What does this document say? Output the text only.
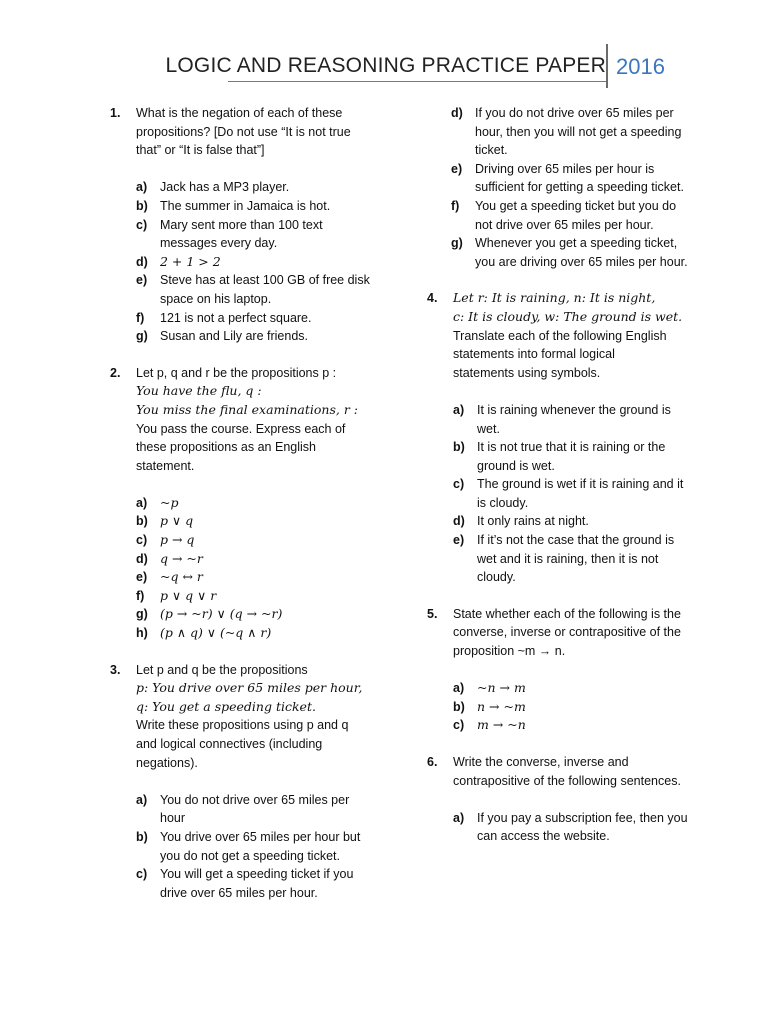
LOGIC AND REASONING PRACTICE PAPER 2016
1.	What is the negation of each of these propositions? [Do not use “It is not true that” or “It is false that”]
a)	Jack has a MP3 player.
b) The summer in Jamaica is hot.
c)	Mary sent more than 100 text messages every day.
d) 2 + 1 > 2
e)	Steve has at least 100 GB of free disk space on his laptop.
f)	121 is not a perfect square.
g) Susan and Lily are friends.
2.	Let p, q and r be the propositions p :
You have the flu, q :
You miss the final examinations, r :
You pass the course. Express each of
these propositions as an English
statement.
a)	~p
b) p ∨ q
c)	p → q
d) q → ~r
e)	~q ↔ r
f)	p ∨ q ∨ r
g) (p → ~r) ∨ (q → ~r)
h) (p ∧ q) ∨ (~q ∧ r)
3.	Let p and q be the propositions
p: You drive over 65 miles per hour,
q: You get a speeding ticket.
Write these propositions using p and q
and logical connectives (including
negations).
a)	You do not drive over 65 miles per hour
b) You drive over 65 miles per hour but you do not get a speeding ticket.
c)	You will get a speeding ticket if you drive over 65 miles per hour.
d) If you do not drive over 65 miles per hour, then you will not get a speeding ticket.
e)	Driving over 65 miles per hour is sufficient for getting a speeding ticket.
f)	You get a speeding ticket but you do not drive over 65 miles per hour.
g) Whenever you get a speeding ticket, you are driving over 65 miles per hour.
4.	Let r: It is raining, n: It is night,
c: It is cloudy, w: The ground is wet.
Translate each of the following English
statements into formal logical
statements using symbols.
a)	It is raining whenever the ground is wet.
b) It is not true that it is raining or the ground is wet.
c)	The ground is wet if it is raining and it is cloudy.
d) It only rains at night.
e)	If it’s not the case that the ground is wet and it is raining, then it is not cloudy.
5.	State whether each of the following is the converse, inverse or contrapositive of the proposition ~m → n.
a)	~n → m
b) n → ~m
c)	m → ~n
6.	Write the converse, inverse and contrapositive of the following sentences.
a)	If you pay a subscription fee, then you can access the website.
